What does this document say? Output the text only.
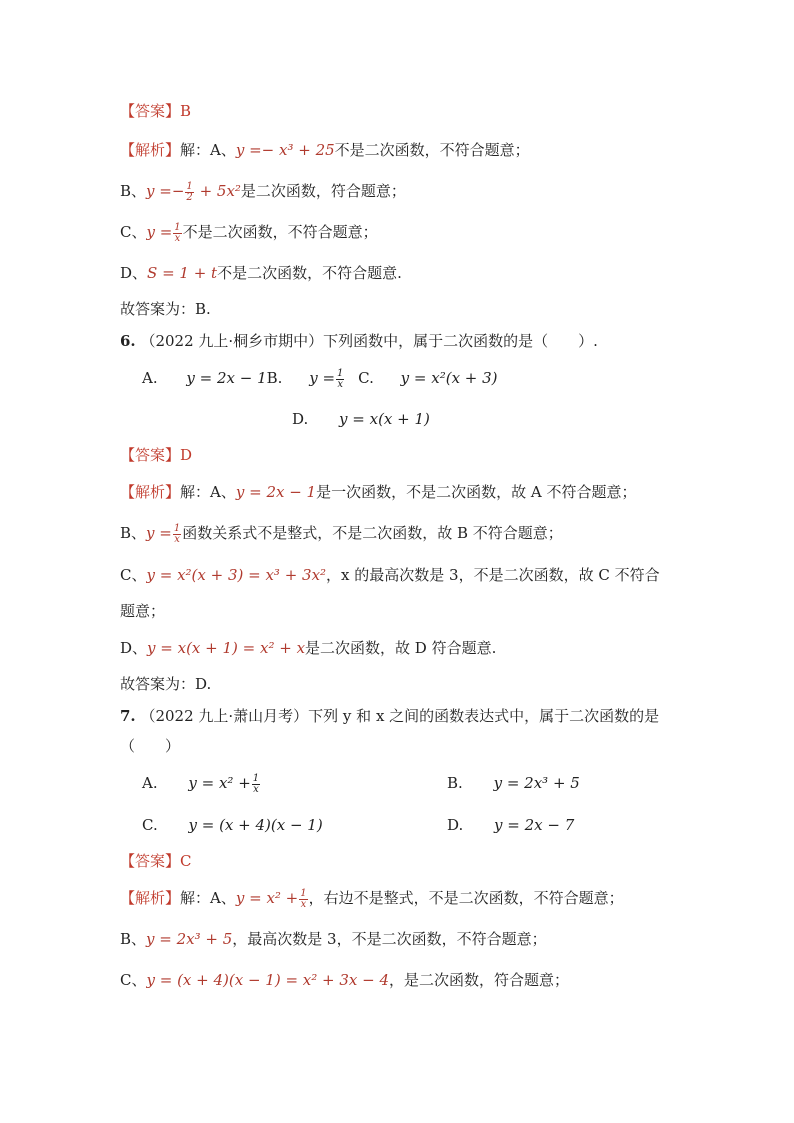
【答案】B
【解析】解：A、y =− x³ + 25不是二次函数，不符合题意；
B、$y =- \frac{1}{2} + 5x^2$是二次函数，符合题意；
C、$y = \frac{1}{x}$ 不是二次函数，不符合题意；
D、S = 1 + t不是二次函数，不符合题意.
故答案为：B.
6. （2022 九上·桐乡市期中）下列函数中，属于二次函数的是（　　）.
A. y = 2x − 1B. $y = \frac{1}{x} C$. y = x²(x + 3)
D. y = x(x + 1)
【答案】D
【解析】解：A、y = 2x − 1是一次函数，不是二次函数，故 A 不符合题意；
B、$y = \frac{1}{x}$ 函数关系式不是整式，不是二次函数，故 B 不符合题意；
C、y = x²(x + 3) = x³ + 3x²，x 的最高次数是 3，不是二次函数，故 C 不符合
题意；
D、y = x(x + 1) = x² + x是二次函数，故 D 符合题意.
故答案为：D.
7. （2022 九上·萧山月考）下列 y 和 x 之间的函数表达式中，属于二次函数的是
（　　）
A. $y = x^2 + \frac{1}{x}$	B. y = 2x³ + 5
C. y = (x + 4)(x − 1)	D. y = 2x − 7
【答案】C
【解析】解：A、$y = x^2 + \frac{1}{x}$ ，右边不是整式，不是二次函数，不符合题意；
B、y = 2x³ + 5，最高次数是 3，不是二次函数，不符合题意；
C、y = (x + 4)(x − 1) = x² + 3x − 4，是二次函数，符合题意；
